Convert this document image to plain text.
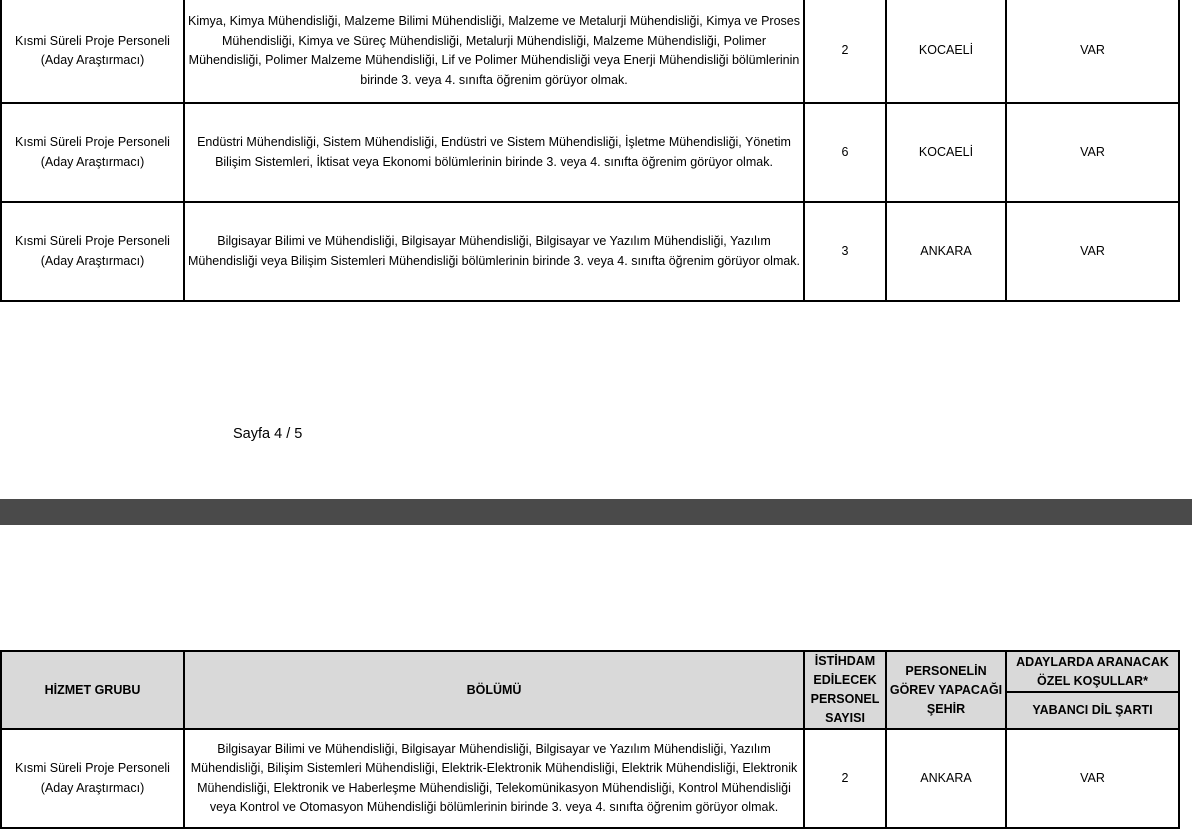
Kısmi Süreli Proje Personeli (Aday Araştırmacı)	Kimya, Kimya Mühendisliği, Malzeme Bilimi Mühendisliği, Malzeme ve Metalurji Mühendisliği, Kimya ve Proses Mühendisliği, Kimya ve Süreç Mühendisliği, Metalurji Mühendisliği, Malzeme Mühendisliği, Polimer Mühendisliği, Polimer Malzeme Mühendisliği, Lif ve Polimer Mühendisliği veya Enerji Mühendisliği bölümlerinin birinde 3. veya 4. sınıfta öğrenim görüyor olmak.	2	KOCAELİ	VAR
Kısmi Süreli Proje Personeli (Aday Araştırmacı)	Endüstri Mühendisliği, Sistem Mühendisliği, Endüstri ve Sistem Mühendisliği, İşletme Mühendisliği, Yönetim Bilişim Sistemleri, İktisat veya Ekonomi bölümlerinin birinde 3. veya 4. sınıfta öğrenim görüyor olmak.	6	KOCAELİ	VAR
Kısmi Süreli Proje Personeli (Aday Araştırmacı)	Bilgisayar Bilimi ve Mühendisliği, Bilgisayar Mühendisliği, Bilgisayar ve Yazılım Mühendisliği, Yazılım Mühendisliği veya Bilişim Sistemleri Mühendisliği bölümlerinin birinde 3. veya 4. sınıfta öğrenim görüyor olmak.	3	ANKARA	VAR
Sayfa 4 / 5
HİZMET GRUBU	BÖLÜMÜ	İSTİHDAM EDİLECEK PERSONEL SAYISI	PERSONELİN GÖREV YAPACAĞI ŞEHİR	ADAYLARDA ARANACAK ÖZEL KOŞULLAR*
				YABANCI DİL ŞARTI
Kısmi Süreli Proje Personeli (Aday Araştırmacı)	Bilgisayar Bilimi ve Mühendisliği, Bilgisayar Mühendisliği, Bilgisayar ve Yazılım Mühendisliği, Yazılım Mühendisliği, Bilişim Sistemleri Mühendisliği, Elektrik-Elektronik Mühendisliği, Elektrik Mühendisliği, Elektronik Mühendisliği, Elektronik ve Haberleşme Mühendisliği, Telekomünikasyon Mühendisliği, Kontrol Mühendisliği veya Kontrol ve Otomasyon Mühendisliği bölümlerinin birinde 3. veya 4. sınıfta öğrenim görüyor olmak.	2	ANKARA	VAR
